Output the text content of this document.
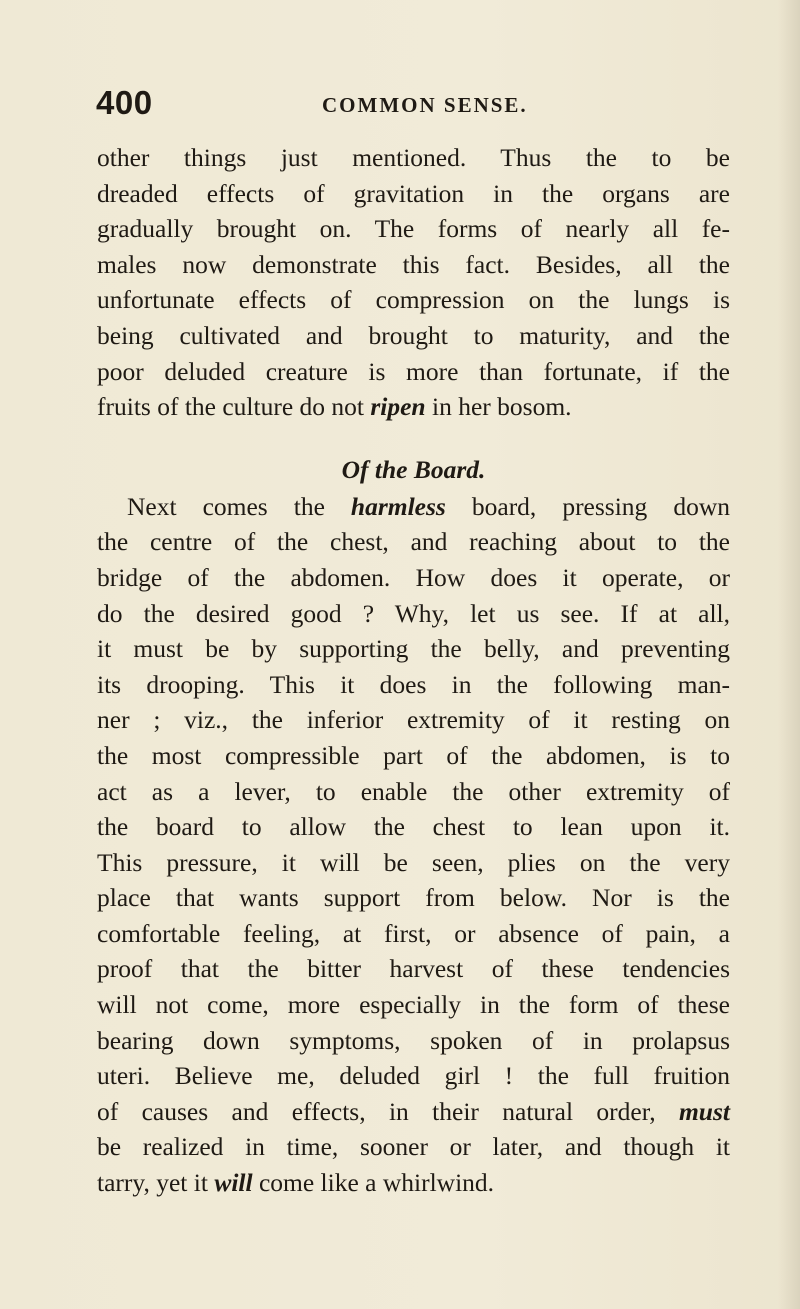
400	COMMON SENSE.
other things just mentioned. Thus the to be
dreaded effects of gravitation in the organs are
gradually brought on. The forms of nearly all fe-
males now demonstrate this fact. Besides, all the
unfortunate effects of compression on the lungs is
being cultivated and brought to maturity, and the
poor deluded creature is more than fortunate, if the
fruits of the culture do not ripen in her bosom.
Of the Board.
Next comes the harmless board, pressing down
the centre of the chest, and reaching about to the
bridge of the abdomen. How does it operate, or
do the desired good ? Why, let us see. If at all,
it must be by supporting the belly, and preventing
its drooping. This it does in the following man-
ner ; viz., the inferior extremity of it resting on
the most compressible part of the abdomen, is to
act as a lever, to enable the other extremity of
the board to allow the chest to lean upon it.
This pressure, it will be seen, plies on the very
place that wants support from below. Nor is the
comfortable feeling, at first, or absence of pain, a
proof that the bitter harvest of these tendencies
will not come, more especially in the form of these
bearing down symptoms, spoken of in prolapsus
uteri. Believe me, deluded girl ! the full fruition
of causes and effects, in their natural order, must
be realized in time, sooner or later, and though it
tarry, yet it will come like a whirlwind.
